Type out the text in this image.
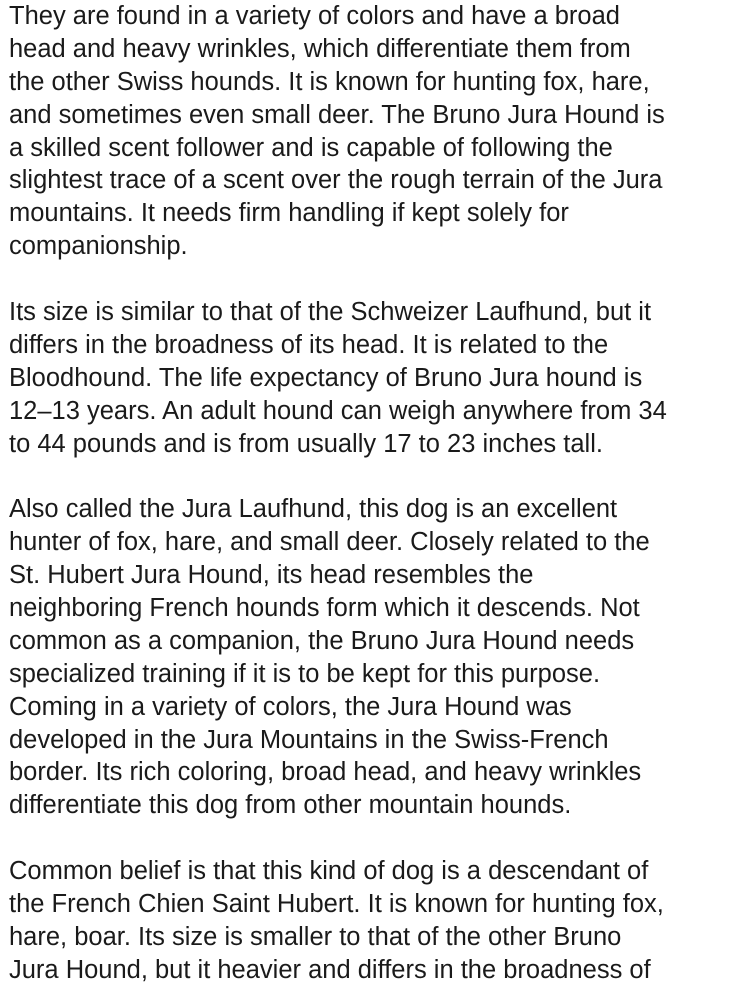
They are found in a variety of colors and have a broad
head and heavy wrinkles, which differentiate them from
the other Swiss hounds. It is known for hunting fox, hare,
and sometimes even small deer. The Bruno Jura Hound is
a skilled scent follower and is capable of following the
slightest trace of a scent over the rough terrain of the Jura
mountains. It needs firm handling if kept solely for
companionship.
Its size is similar to that of the Schweizer Laufhund, but it
differs in the broadness of its head. It is related to the
Bloodhound. The life expectancy of Bruno Jura hound is
12–13 years. An adult hound can weigh anywhere from 34
to 44 pounds and is from usually 17 to 23 inches tall.
Also called the Jura Laufhund, this dog is an excellent
hunter of fox, hare, and small deer. Closely related to the
St. Hubert Jura Hound, its head resembles the
neighboring French hounds form which it descends. Not
common as a companion, the Bruno Jura Hound needs
specialized training if it is to be kept for this purpose.
Coming in a variety of colors, the Jura Hound was
developed in the Jura Mountains in the Swiss-French
border. Its rich coloring, broad head, and heavy wrinkles
differentiate this dog from other mountain hounds.
Common belief is that this kind of dog is a descendant of
the French Chien Saint Hubert. It is known for hunting fox,
hare, boar. Its size is smaller to that of the other Bruno
Jura Hound, but it heavier and differs in the broadness of
